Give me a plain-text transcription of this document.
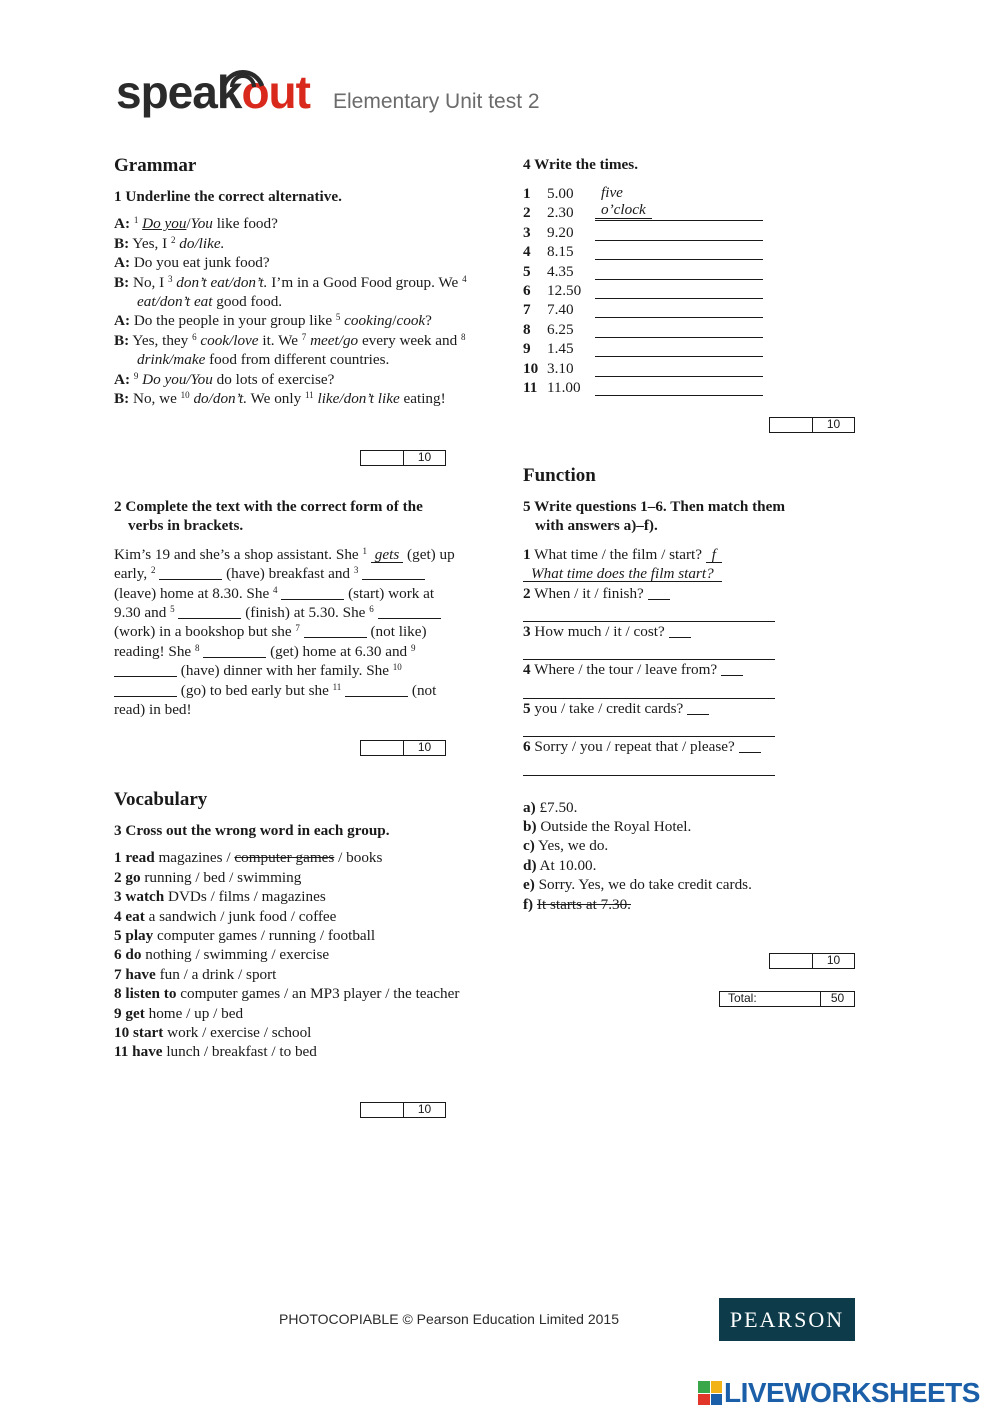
speakout Elementary Unit test 2
Grammar
1 Underline the correct alternative.
A: $^1$ Do you/You like food?
B: Yes, I $^2$ do/like.
A: Do you eat junk food?
B: No, I $^3$ don’t eat/don’t. I’m in a Good Food group. We $^4$ eat/don’t eat good food.
A: Do the people in your group like $^5$ cooking/cook?
B: Yes, they $^6$ cook/love it. We $^7$ meet/go every week and $^8$ drink/make food from different countries.
A: $^9$ Do you/You do lots of exercise?
B: No, we $^{10}$ do/don’t. We only $^{11}$ like/don’t like eating!
10
2 Complete the text with the correct form of the
verbs in brackets.
Kim’s 19 and she’s a shop assistant. She $^1$ gets (get) up early, $^2$	(have) breakfast and $^3$  (leave) home at 8.30. She $^4$	(start) work at 9.30 and $^5$	(finish) at 5.30. She $^6$  (work) in a bookshop but she $^7$	(not like) reading! She $^8$	(get) home at 6.30 and $^9$  (have) dinner with her family. She $^{10}$  (go) to bed early but she $^{11}$	(not read) in bed!
10
Vocabulary
3 Cross out the wrong word in each group.
1 read magazines / computer games / books
2 go running / bed / swimming
3 watch DVDs / films / magazines
4 eat a sandwich / junk food / coffee
5 play computer games / running / football
6 do nothing / swimming / exercise
7 have fun / a drink / sport
8 listen to computer games / an MP3 player / the teacher
9 get home / up / bed
10 start work / exercise / school
11 have lunch / breakfast / to bed
10
4 Write the times.
1 5.00	five o’clock
2 2.30
3 9.20
4 8.15
5 4.35
6 12.50
7 7.40
8 6.25
9 1.45
10 3.10
11 11.00
10
Function
5 Write questions 1–6. Then match them
with answers a)–f).
1 What time / the film / start? f
What time does the film start?
2 When / it / finish?
3 How much / it / cost?
4 Where / the tour / leave from?
5 you / take / credit cards?
6 Sorry / you / repeat that / please?
a) £7.50.
b) Outside the Royal Hotel.
c) Yes, we do.
d) At 10.00.
e) Sorry. Yes, we do take credit cards.
f) It starts at 7.30.
10
Total:	50
PHOTOCOPIABLE © Pearson Education Limited 2015	PEARSON
LIVEWORKSHEETS
